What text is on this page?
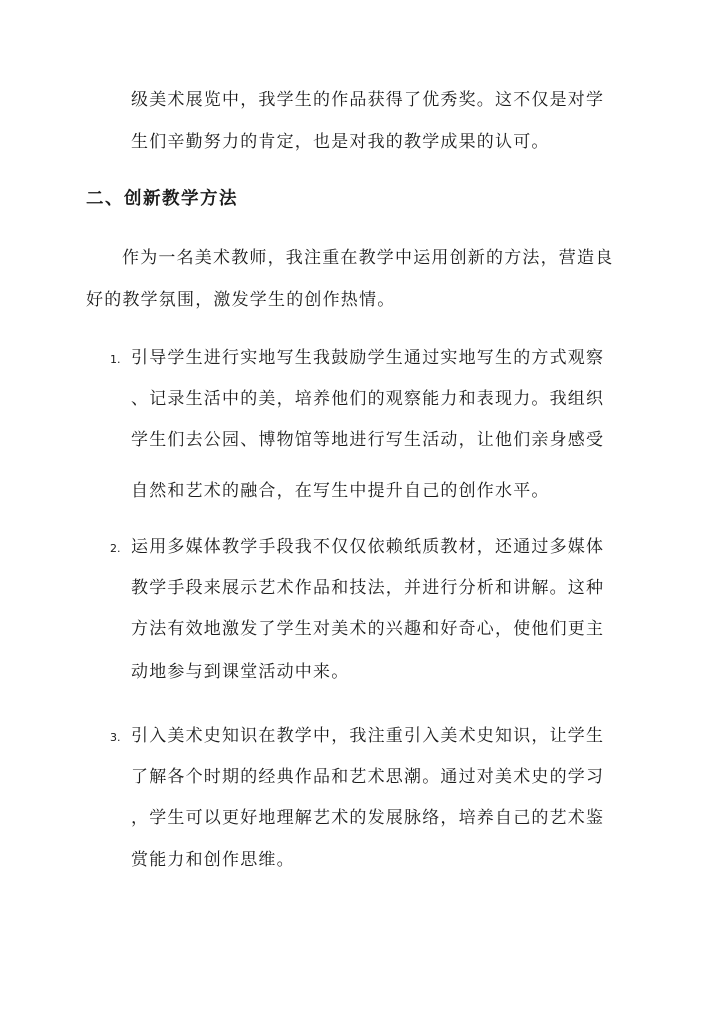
级美术展览中，我学生的作品获得了优秀奖。这不仅是对学
生们辛勤努力的肯定，也是对我的教学成果的认可。
二、创新教学方法
作为一名美术教师，我注重在教学中运用创新的方法，营造良
好的教学氛围，激发学生的创作热情。
1. 引导学生进行实地写生我鼓励学生通过实地写生的方式观察
、记录生活中的美，培养他们的观察能力和表现力。我组织
学生们去公园、博物馆等地进行写生活动，让他们亲身感受
自然和艺术的融合，在写生中提升自己的创作水平。
2. 运用多媒体教学手段我不仅仅依赖纸质教材，还通过多媒体
教学手段来展示艺术作品和技法，并进行分析和讲解。这种
方法有效地激发了学生对美术的兴趣和好奇心，使他们更主
动地参与到课堂活动中来。
3. 引入美术史知识在教学中，我注重引入美术史知识，让学生
了解各个时期的经典作品和艺术思潮。通过对美术史的学习
，学生可以更好地理解艺术的发展脉络，培养自己的艺术鉴
赏能力和创作思维。
